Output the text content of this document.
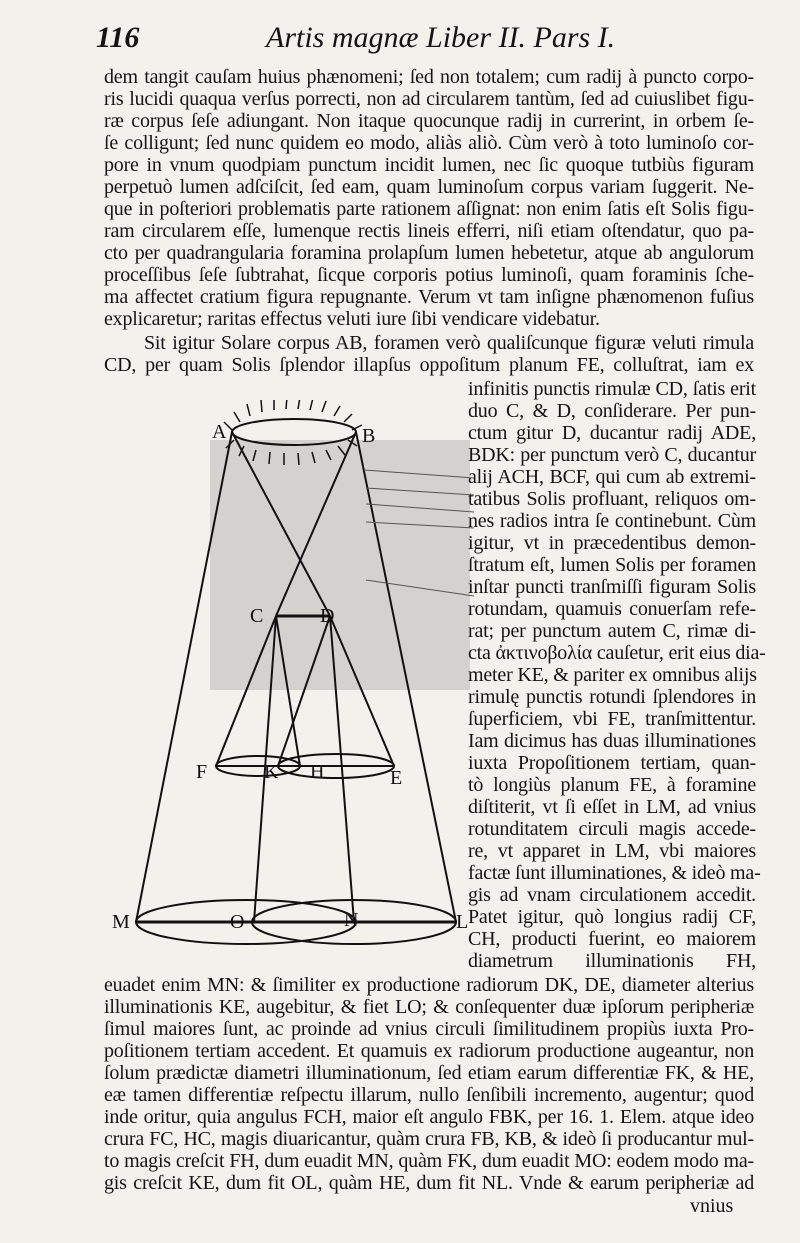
116	Artis magnæ Liber II. Pars I.
dem tangit cauſam huius phænomeni; ſed non totalem; cum radij à puncto corpo-
ris lucidi quaqua verſus porrecti, non ad circularem tantùm, ſed ad cuiuslibet figu-
ræ corpus ſeſe adiungant. Non itaque quocunque radij in currerint, in orbem ſe-
ſe colligunt; ſed nunc quidem eo modo, aliàs aliò. Cùm verò à toto luminoſo cor-
pore in vnum quodpiam punctum incidit lumen, nec ſic quoque tutbiùs figuram
perpetuò lumen adſciſcit, ſed eam, quam luminoſum corpus variam ſuggerit. Ne-
que in poſteriori problematis parte rationem aſſignat: non enim ſatis eſt Solis figu-
ram circularem eſſe, lumenque rectis lineis efferri, niſi etiam oſtendatur, quo pa-
cto per quadrangularia foramina prolapſum lumen hebetetur, atque ab angulorum
proceſſibus ſeſe ſubtrahat, ſicque corporis potius luminoſi, quam foraminis ſche-
ma affectet cratium figura repugnante. Verum vt tam inſigne phænomenon fuſius
explicaretur; raritas effectus veluti iure ſibi vendicare videbatur.
Sit igitur Solare corpus AB, foramen verò qualiſcunque figuræ veluti rimula
CD, per quam Solis ſplendor illapſus oppoſitum planum FE, colluſtrat, iam ex
infinitis punctis rimulæ CD, ſatis erit
duo C, & D, conſiderare. Per pun-
ctum gitur D, ducantur radij ADE,
BDK: per punctum verò C, ducantur
alij ACH, BCF, qui cum ab extremi-
tatibus Solis profluant, reliquos om-
nes radios intra ſe continebunt. Cùm
igitur, vt in præcedentibus demon-
ſtratum eſt, lumen Solis per foramen
inſtar puncti tranſmiſſi figuram Solis
rotundam, quamuis conuerſam refe-
rat; per punctum autem C, rimæ di-
cta ἀκτινοβολία cauſetur, erit eius dia-
meter KE, & pariter ex omnibus alijs
rimulę punctis rotundi ſplendores in
ſuperficiem, vbi FE, tranſmittentur.
Iam dicimus has duas illuminationes
iuxta Propoſitionem tertiam, quan-
tò longiùs planum FE, à foramine
diſtiterit, vt ſi eſſet in LM, ad vnius
rotunditatem circuli magis accede-
re, vt apparet in LM, vbi maiores
factæ ſunt illuminationes, & ideò ma-
gis ad vnam circulationem accedit.
Patet igitur, quò longius radij CF,
CH, producti fuerint, eo maiorem
diametrum illuminationis FH,
euadet enim MN: & ſimiliter ex productione radiorum DK, DE, diameter alterius
illuminationis KE, augebitur, & fiet LO; & conſequenter duæ ipſorum peripheriæ
ſimul maiores ſunt, ac proinde ad vnius circuli ſimilitudinem propiùs iuxta Pro-
poſitionem tertiam accedent. Et quamuis ex radiorum productione augeantur, non
ſolum prædictæ diametri illuminationum, ſed etiam earum differentiæ FK, & HE,
eæ tamen differentiæ reſpectu illarum, nullo ſenſibili incremento, augentur; quod
inde oritur, quia angulus FCH, maior eſt angulo FBK, per 16. 1. Elem. atque ideo
crura FC, HC, magis diuaricantur, quàm crura FB, KB, & ideò ſi producantur mul-
to magis creſcit FH, dum euadit MN, quàm FK, dum euadit MO: eodem modo ma-
gis creſcit KE, dum fit OL, quàm HE, dum fit NL. Vnde & earum peripheriæ ad
vnius
A	B
C	D
F	K H	E
M	O	N	L
